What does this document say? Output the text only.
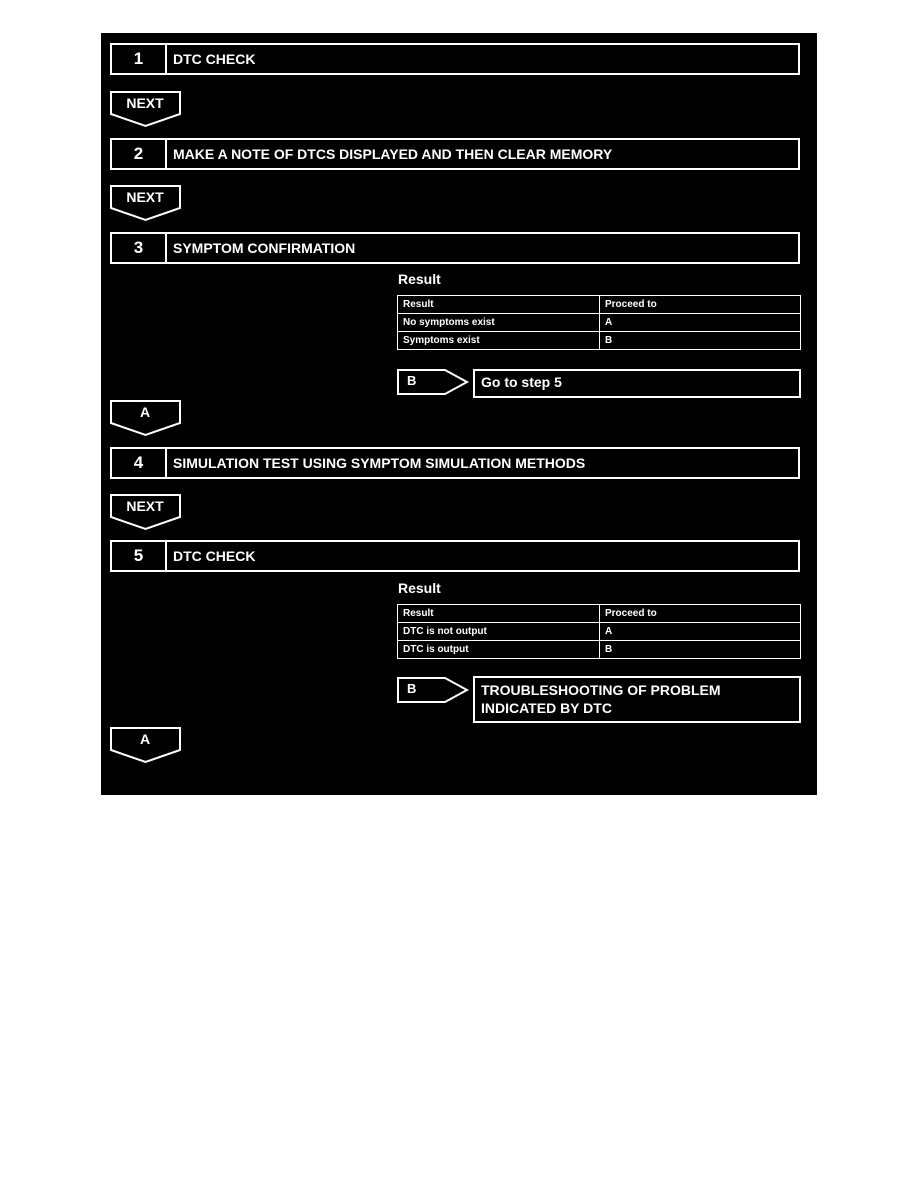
1	DTC CHECK
NEXT
2	MAKE A NOTE OF DTCS DISPLAYED AND THEN CLEAR MEMORY
NEXT
3	SYMPTOM CONFIRMATION
Result
Result	Proceed to
No symptoms exist	A
Symptoms exist	B
B	Go to step 5
A
4	SIMULATION TEST USING SYMPTOM SIMULATION METHODS
NEXT
5	DTC CHECK
Result
Result	Proceed to
DTC is not output	A
DTC is output	B
B	TROUBLESHOOTING OF PROBLEM
INDICATED BY DTC
A
